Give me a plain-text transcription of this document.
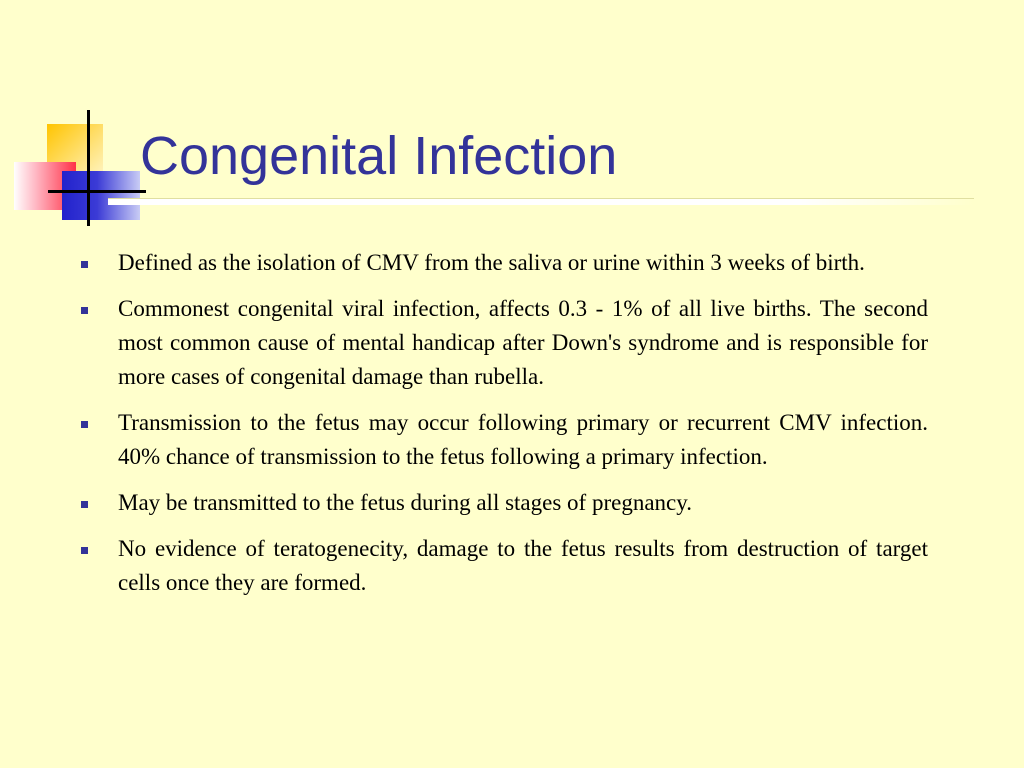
Congenital Infection
Defined as the isolation of CMV from the saliva or urine within 3 weeks of birth.
Commonest congenital viral infection, affects 0.3 - 1% of all live births. The second most common cause of mental handicap after Down's syndrome and is responsible for more cases of congenital damage than rubella.
Transmission to the fetus may occur following primary or recurrent CMV infection. 40% chance of transmission to the fetus following a primary infection.
May be transmitted to the fetus during all stages of pregnancy.
No evidence of teratogenecity, damage to the fetus results from destruction of target cells once they are formed.
